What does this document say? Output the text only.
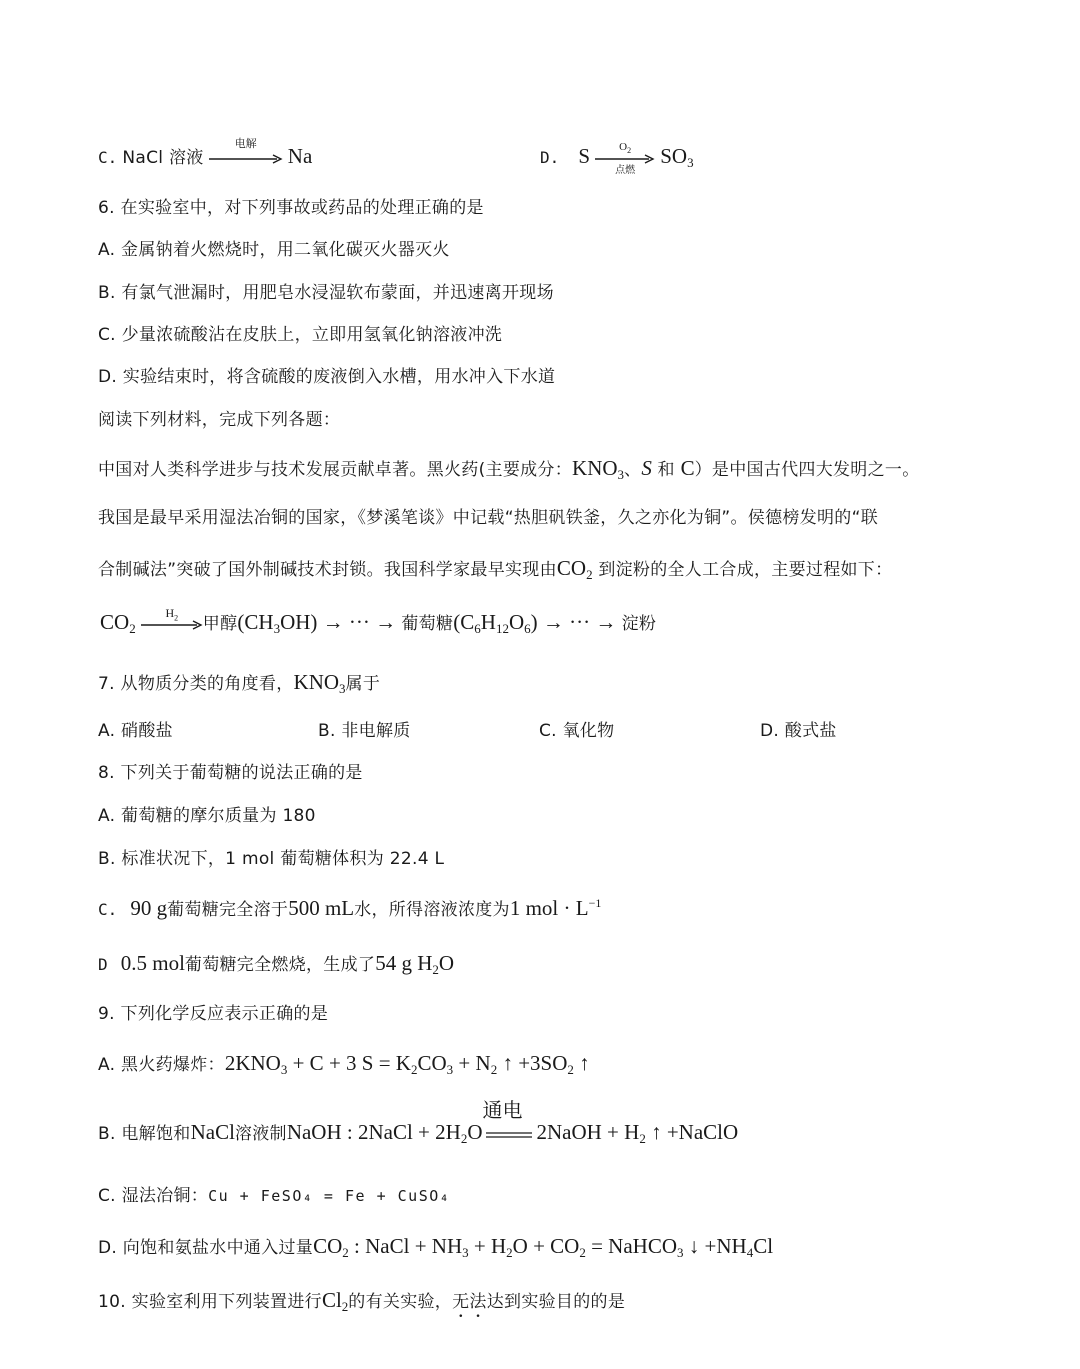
C. NaCl 溶液
电解
Na	D. S	$O_2$
点燃
$SO_3$
6. 在实验室中，对下列事故或药品的处理正确的是
A. 金属钠着火燃烧时，用二氧化碳灭火器灭火
B. 有氯气泄漏时，用肥皂水浸湿软布蒙面，并迅速离开现场
C. 少量浓硫酸沾在皮肤上，立即用氢氧化钠溶液冲洗
D. 实验结束时，将含硫酸的废液倒入水槽，用水冲入下水道
阅读下列材料，完成下列各题：
中国对人类科学进步与技术发展贡献卓著。黑火药(主要成分：$KNO_3$、S 和 C）是中国古代四大发明之一。
我国是最早采用湿法冶铜的国家，《梦溪笔谈》中记载“热胆矾铁釜，久之亦化为铜”。侯德榜发明的“联
合制碱法”突破了国外制碱技术封锁。我国科学家最早实现由$CO_2$ 到淀粉的全人工合成，主要过程如下：
$CO_2$
$H_2$	甲醇$(CH_3OH)$ → ··· → 葡萄糖$(C_6H_{12}O_6)$ → ··· → 淀粉
7. 从物质分类的角度看，$KNO_3$属于
A. 硝酸盐	B. 非电解质	C. 氧化物	D. 酸式盐
8. 下列关于葡萄糖的说法正确的是
A. 葡萄糖的摩尔质量为 180
B. 标准状况下，1 mol 葡萄糖体积为 22.4 L
C. 90 g葡萄糖完全溶于500 mL水，所得溶液浓度为1 mol · $L^{-1}$
D 0.5 mol葡萄糖完全燃烧，生成了54 g $H_2O$
9. 下列化学反应表示正确的是
A. 黑火药爆炸：$2KNO_3 + C + 3$ $S = K_2CO_3 + N_2$ ↑ $+3SO_2$ ↑
B. 电解饱和NaCl溶液制NaOH : 2NaCl + $2H_2O$
通电
2NaOH + $H_2$ ↑ +NaClO
C. 湿法冶铜：Cu + FeSO₄ = Fe + CuSO₄
D. 向饱和氨盐水中通入过量$CO_2$ : NaCl + $NH_3 + H_2O + CO_2$ = NaHCO$_3$ ↓ $+NH_4Cl$
10. 实验室利用下列装置进行$Cl_2$的有关实验，无法达到实验目的的是
